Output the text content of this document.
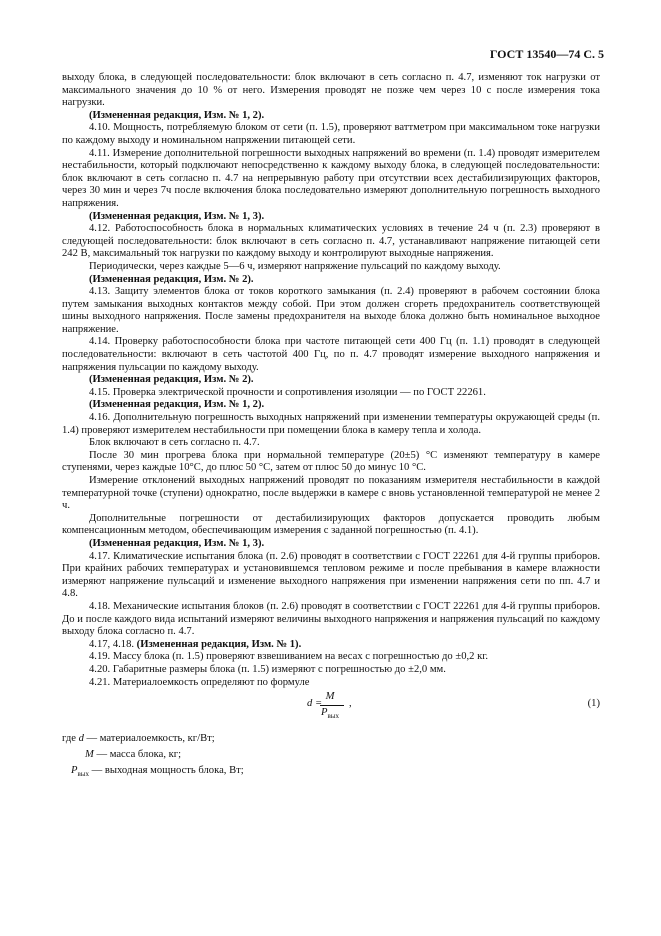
ГОСТ 13540—74 С. 5

выходу блока, в следующей последовательности: блок включают в сеть согласно п. 4.7, изменяют ток нагрузки от максимального значения до 10 % от него. Измерения проводят не позже чем через 10 с после измерения тока нагрузки.

(Измененная редакция, Изм. № 1, 2).

4.10. Мощность, потребляемую блоком от сети (п. 1.5), проверяют ваттметром при максимальном токе нагрузки по каждому выходу и номинальном напряжении питающей сети.

4.11. Измерение дополнительной погрешности выходных напряжений во времени (п. 1.4) проводят измерителем нестабильности, который подключают непосредственно к каждому выходу блока, в следующей последовательности: блок включают в сеть согласно п. 4.7 на непрерывную работу при отсутствии всех дестабилизирующих факторов, через 30 мин и через 7ч после включения блока последовательно измеряют дополнительную погрешность выходного напряжения.

(Измененная редакция, Изм. № 1, 3).

4.12. Работоспособность блока в нормальных климатических условиях в течение 24 ч (п. 2.3) проверяют в следующей последовательности: блок включают в сеть согласно п. 4.7, устанавливают напряжение питающей сети 242 В, максимальный ток нагрузки по каждому выходу и контролируют выходные напряжения.

Периодически, через каждые 5—6 ч, измеряют напряжение пульсаций по каждому выходу.

(Измененная редакция, Изм. № 2).

4.13. Защиту элементов блока от токов короткого замыкания (п. 2.4) проверяют в рабочем состоянии блока путем замыкания выходных контактов между собой. При этом должен сгореть предохранитель соответствующей шины выходного напряжения. После замены предохранителя на выходе блока должно быть номинальное выходное напряжение.

4.14. Проверку работоспособности блока при частоте питающей сети 400 Гц (п. 1.1) проводят в следующей последовательности: включают в сеть частотой 400 Гц, по п. 4.7 проводят измерение выходного напряжения и напряжения пульсации по каждому выходу.

(Измененная редакция, Изм. № 2).

4.15. Проверка электрической прочности и сопротивления изоляции — по ГОСТ 22261.

(Измененная редакция, Изм. № 1, 2).

4.16. Дополнительную погрешность выходных напряжений при изменении температуры окружающей среды (п. 1.4) проверяют измерителем нестабильности при помещении блока в камеру тепла и холода.

Блок включают в сеть согласно п. 4.7.

После 30 мин прогрева блока при нормальной температуре (20±5) °С изменяют температуру в камере ступенями, через каждые 10°С, до плюс 50 °С, затем от плюс 50 до минус 10 °С.

Измерение отклонений выходных напряжений проводят по показаниям измерителя нестабильности в каждой температурной точке (ступени) однократно, после выдержки в камере с вновь установленной температурой не менее 2 ч.

Дополнительные погрешности от дестабилизирующих факторов допускается проводить любым компенсационным методом, обеспечивающим измерения с заданной погрешностью (п. 4.1).

(Измененная редакция, Изм. № 1, 3).

4.17. Климатические испытания блока (п. 2.6) проводят в соответствии с ГОСТ 22261 для 4-й группы приборов. При крайних рабочих температурах и установившемся тепловом режиме и после пребывания в камере влажности измеряют напряжение пульсаций и изменение выходного напряжения при изменении напряжения сети по пп. 4.7 и 4.8.

4.18. Механические испытания блоков (п. 2.6) проводят в соответствии с ГОСТ 22261 для 4-й группы приборов. До и после каждого вида испытаний измеряют величины выходного напряжения и напряжения пульсаций по каждому выходу блока согласно п. 4.7.

4.17, 4.18. (Измененная редакция, Изм. № 1).

4.19. Массу блока (п. 1.5) проверяют взвешиванием на весах с погрешностью до ±0,2 кг.

4.20. Габаритные размеры блока (п. 1.5) измеряют с погрешностью до ±2,0 мм.

4.21. Материалоемкость определяют по формуле

d =
M
$P_{вых}$
,	(1)

где d — материалоемкость, кг/Вт;

M — масса блока, кг;

$P_{вых}$ — выходная мощность блока, Вт;
